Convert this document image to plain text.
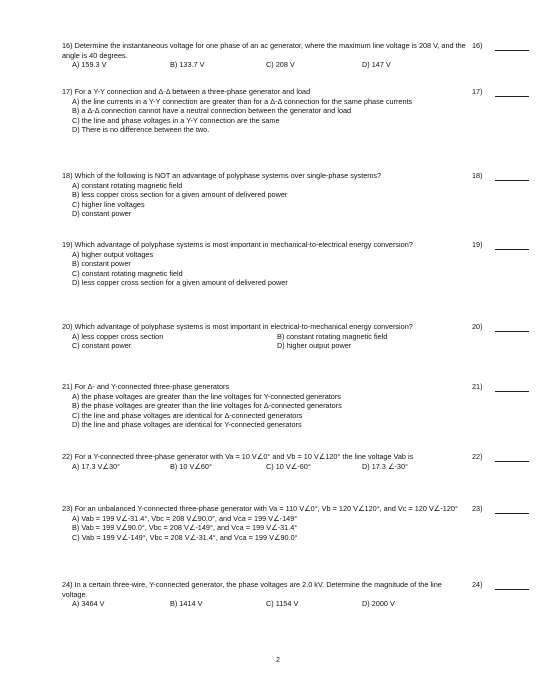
16) Determine the instantaneous voltage for one phase of an ac generator, where the maximum line voltage is 208 V, and the angle is 40 degrees.

A) 159.3 V	B) 133.7 V	C) 208 V	D) 147 V
16)

17) For a Y-Y connection and Δ-Δ between a three-phase generator and load

A) the line currents in a Y-Y connection are greater than for a Δ-Δ connection for the same phase currents
B) a Δ-Δ connection cannot have a neutral connection between the generator and load
C) the line and phase voltages in a Y-Y connection are the same
D) There is no difference between the two.
17)

18) Which of the following is NOT an advantage of polyphase systems over single-phase systems?

A) constant rotating magnetic field
B) less copper cross section for a given amount of delivered power
C) higher line voltages
D) constant power
18)

19) Which advantage of polyphase systems is most important in mechanical-to-electrical energy conversion?

A) higher output voltages
B) constant power
C) constant rotating magnetic field
D) less copper cross section for a given amount of delivered power
19)

20) Which advantage of polyphase systems is most important in electrical-to-mechanical energy conversion?

A) less copper cross section	B) constant rotating magnetic field
C) constant power	D) higher output power
20)

21) For Δ- and Y-connected three-phase generators

A) the phase voltages are greater than the line voltages for Y-connected generators
B) the phase voltages are greater than the line voltages for Δ-connected generators
C) the line and phase voltages are identical for Δ-connected generators
D) the line and phase voltages are identical for Y-connected generators
21)

22) For a Y-connected three-phase generator with Va = 10 V∠0° and Vb = 10 V∠120° the line voltage Vab is

A) 17.3 V∠30°	B) 10 V∠60°	C) 10 V∠-60°	D) 17.3 ∠-30°
22)

23) For an unbalanced Y-connected three-phase generator with Va = 110 V∠0°, Vb = 120 V∠120°, and Vc = 120 V∠-120°

A) Vab = 199 V∠-31.4°, Vbc = 208 V∠90.0°, and Vca = 199 V∠-149°
B) Vab = 199 V∠90.0°, Vbc = 208 V∠-149°, and Vca = 199 V∠-31.4°
C) Vab = 199 V∠-149°, Vbc = 208 V∠-31.4°, and Vca = 199 V∠90.0°
23)

24) In a certain three-wire, Y-connected generator, the phase voltages are 2.0 kV. Determine the magnitude of the line voltage.

A) 3464 V	B) 1414 V	C) 1154 V	D) 2000 V
24)
2
